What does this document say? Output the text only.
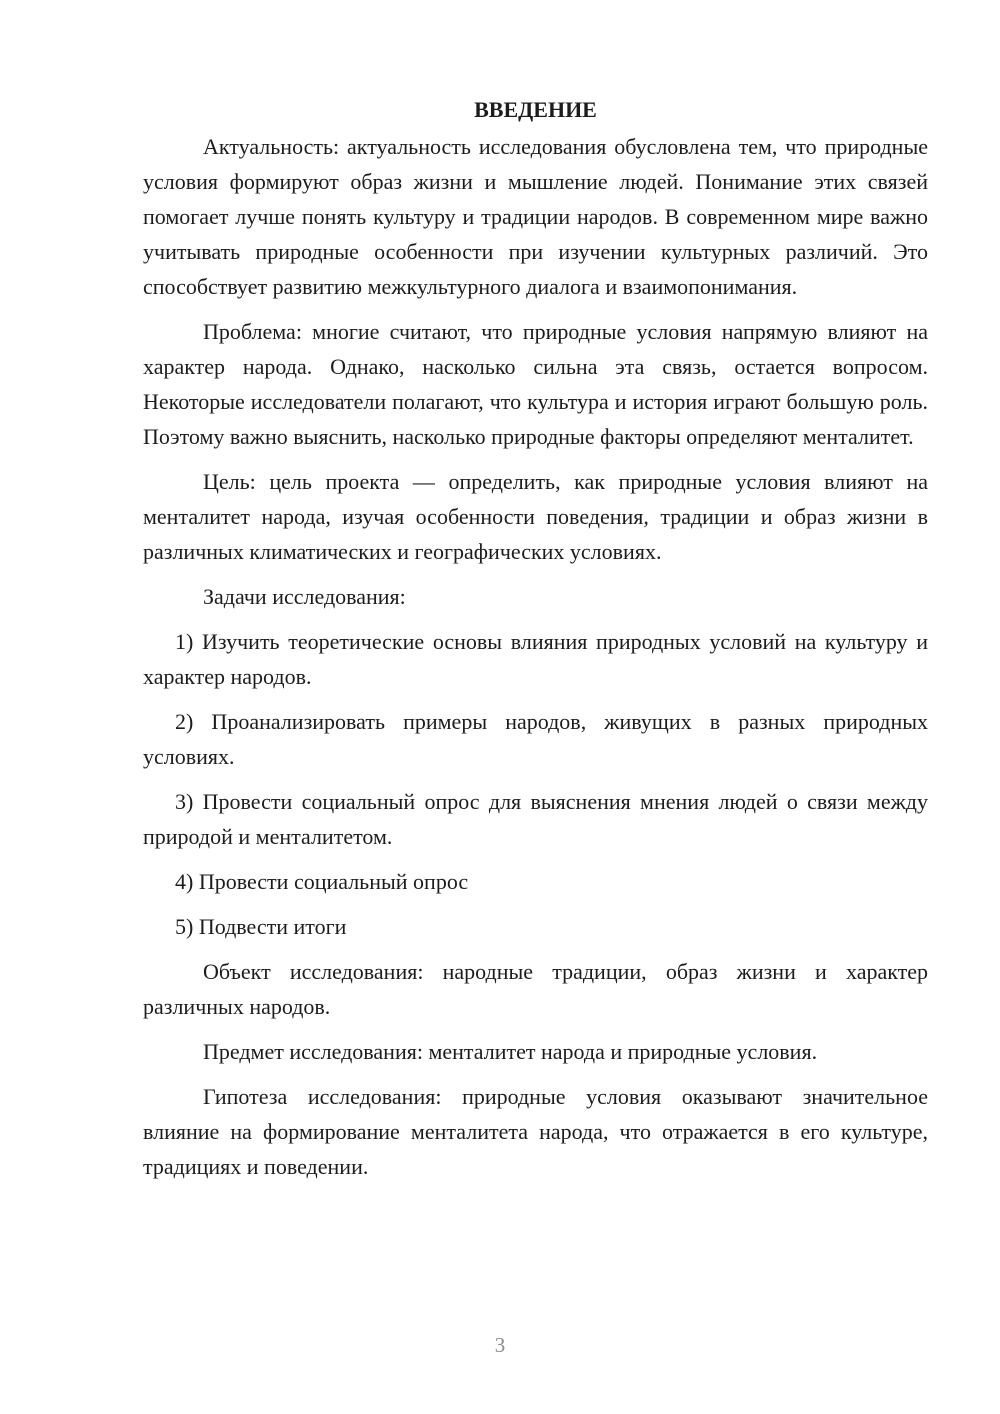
ВВЕДЕНИЕ

Актуальность: актуальность исследования обусловлена тем, что природные условия формируют образ жизни и мышление людей. Понимание этих связей помогает лучше понять культуру и традиции народов. В современном мире важно учитывать природные особенности при изучении культурных различий. Это способствует развитию межкультурного диалога и взаимопонимания.

Проблема: многие считают, что природные условия напрямую влияют на характер народа. Однако, насколько сильна эта связь, остается вопросом. Некоторые исследователи полагают, что культура и история играют большую роль. Поэтому важно выяснить, насколько природные факторы определяют менталитет.

Цель: цель проекта — определить, как природные условия влияют на менталитет народа, изучая особенности поведения, традиции и образ жизни в различных климатических и географических условиях.

Задачи исследования:

1) Изучить теоретические основы влияния природных условий на культуру и характер народов.

2) Проанализировать примеры народов, живущих в разных природных условиях.

3) Провести социальный опрос для выяснения мнения людей о связи между природой и менталитетом.

4) Провести социальный опрос

5) Подвести итоги

Объект исследования: народные традиции, образ жизни и характер различных народов.

Предмет исследования: менталитет народа и природные условия.

Гипотеза исследования: природные условия оказывают значительное влияние на формирование менталитета народа, что отражается в его культуре, традициях и поведении.

3
